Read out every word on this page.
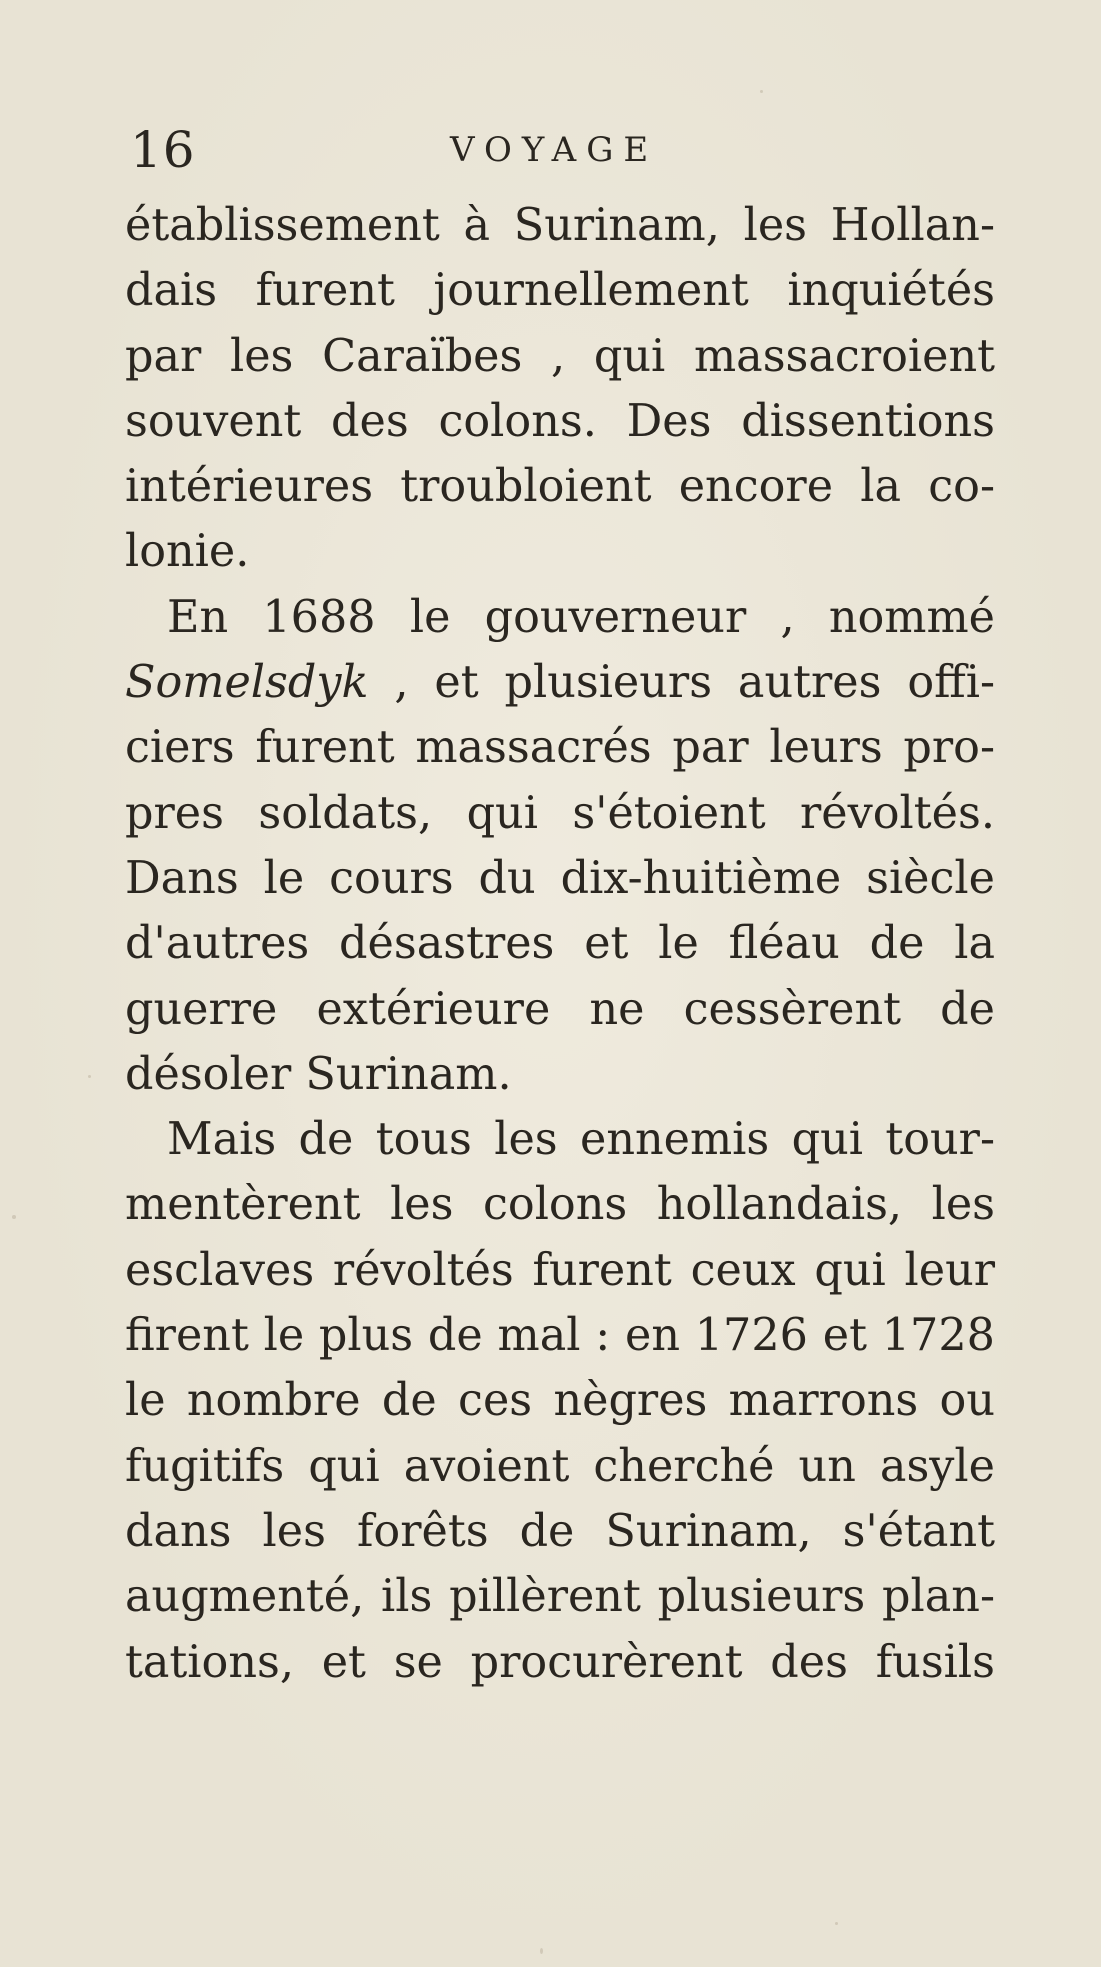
16	VOYAGE
établissement à Surinam, les Hollan-
dais furent journellement inquiétés
par les Caraïbes , qui massacroient
souvent des colons. Des dissentions
intérieures troubloient encore la co-
lonie.
En 1688 le gouverneur , nommé
Somelsdyk , et plusieurs autres offi-
ciers furent massacrés par leurs pro-
pres soldats, qui s'étoient révoltés.
Dans le cours du dix-huitième siècle
d'autres désastres et le fléau de la
guerre extérieure ne cessèrent de
désoler Surinam.
Mais de tous les ennemis qui tour-
mentèrent les colons hollandais, les
esclaves révoltés furent ceux qui leur
firent le plus de mal : en 1726 et 1728
le nombre de ces nègres marrons ou
fugitifs qui avoient cherché un asyle
dans les forêts de Surinam, s'étant
augmenté, ils pillèrent plusieurs plan-
tations, et se procurèrent des fusils
